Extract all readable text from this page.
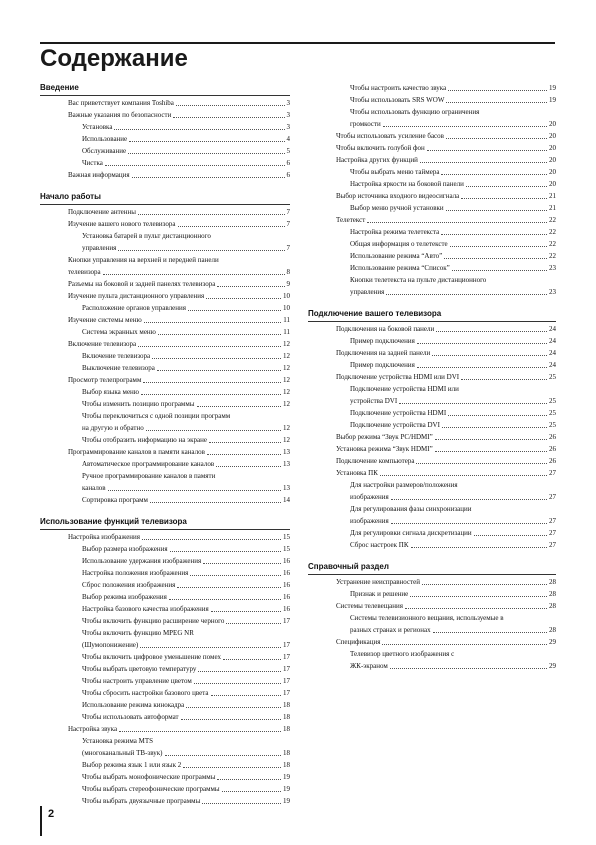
Содержание
Введение
Вас приветствует компания Toshiba	3
Важные указания по безопасности	3
Установка	3
Использование	4
Обслуживание	5
Чистка	6
Важная информация	6
Начало работы
Подключение антенны	7
Изучение вашего нового телевизора	7
Установка батарей в пульт дистанционного
управления	7
Кнопки управления на верхней и передней панели
телевизора	8
Разъемы на боковой и задней панелях телевизора	9
Изучение пульта дистанционного управления	10
Расположение органов управления	10
Изучение системы меню	11
Система экранных меню	11
Включение телевизора	12
Включение телевизора	12
Выключение телевизора	12
Просмотр телепрограмм	12
Выбор языка меню	12
Чтобы изменить позицию программы	12
Чтобы переключиться с одной позиции программ
на другую и обратно	12
Чтобы отобразить информацию на экране	12
Программирование каналов в памяти каналов	13
Автоматическое программирование каналов	13
Ручное программирование каналов в памяти
каналов	13
Сортировка программ	14
Использование функций телевизора
Настройка изображения	15
Выбор размера изображения	15
Использование удержания изображения	16
Настройка положения изображения	16
Сброс положения изображения	16
Выбор режима изображения	16
Настройка базового качества изображения	16
Чтобы включить функцию расширение черного	17
Чтобы включить функцию MPEG NR
(Шумопонижение)	17
Чтобы включить цифровое уменьшение помех	17
Чтобы выбрать цветовую температуру	17
Чтобы настроить управление цветом	17
Чтобы сбросить настройки базового цвета	17
Использование режима кинокадра	18
Чтобы использовать автоформат	18
Настройка звука	18
Установка режима MTS
(многоканальный ТВ-звук)	18
Выбор режима язык 1 или язык 2	18
Чтобы выбрать монофонические программы	19
Чтобы выбрать стереофонические программы	19
Чтобы выбрать двуязычные программы	19
Чтобы настроить качество звука	19
Чтобы использовать SRS WOW	19
Чтобы использовать функцию ограничения
громкости	20
Чтобы использовать усиление басов	20
Чтобы включить голубой фон	20
Настройка других функций	20
Чтобы выбрать меню таймера	20
Настройка яркости на боковой панели	20
Выбор источника входного видеосигнала	21
Выбор меню ручной установки	21
Телетекст	22
Настройка режима телетекста	22
Общая информация о телетексте	22
Использование режима “Авто”	22
Использование режима “Список”	23
Кнопки телетекста на пульте дистанционного
управления	23
Подключение вашего телевизора
Подключения на боковой панели	24
Пример подключения	24
Подключения на задней панели	24
Пример подключения	24
Подключение устройства HDMI или DVI	25
Подключение устройства HDMI или
устройства DVI	25
Подключение устройства HDMI	25
Подключение устройства DVI	25
Выбор режима “Звук PC/HDMI”	26
Установка режима “Звук HDMI”	26
Подключение компьютера	26
Установка ПК	27
Для настройки размеров/положения
изображения	27
Для регулирования фазы синхронизации
изображения	27
Для регулировки сигнала дискретизации	27
Сброс настроек ПК	27
Справочный раздел
Устранение неисправностей	28
Признак и решение	28
Системы телевещания	28
Системы телевизионного вещания, используемые в
разных странах и регионах	28
Спецификация	29
Телевизор цветного изображения с
ЖК-экраном	29
2
